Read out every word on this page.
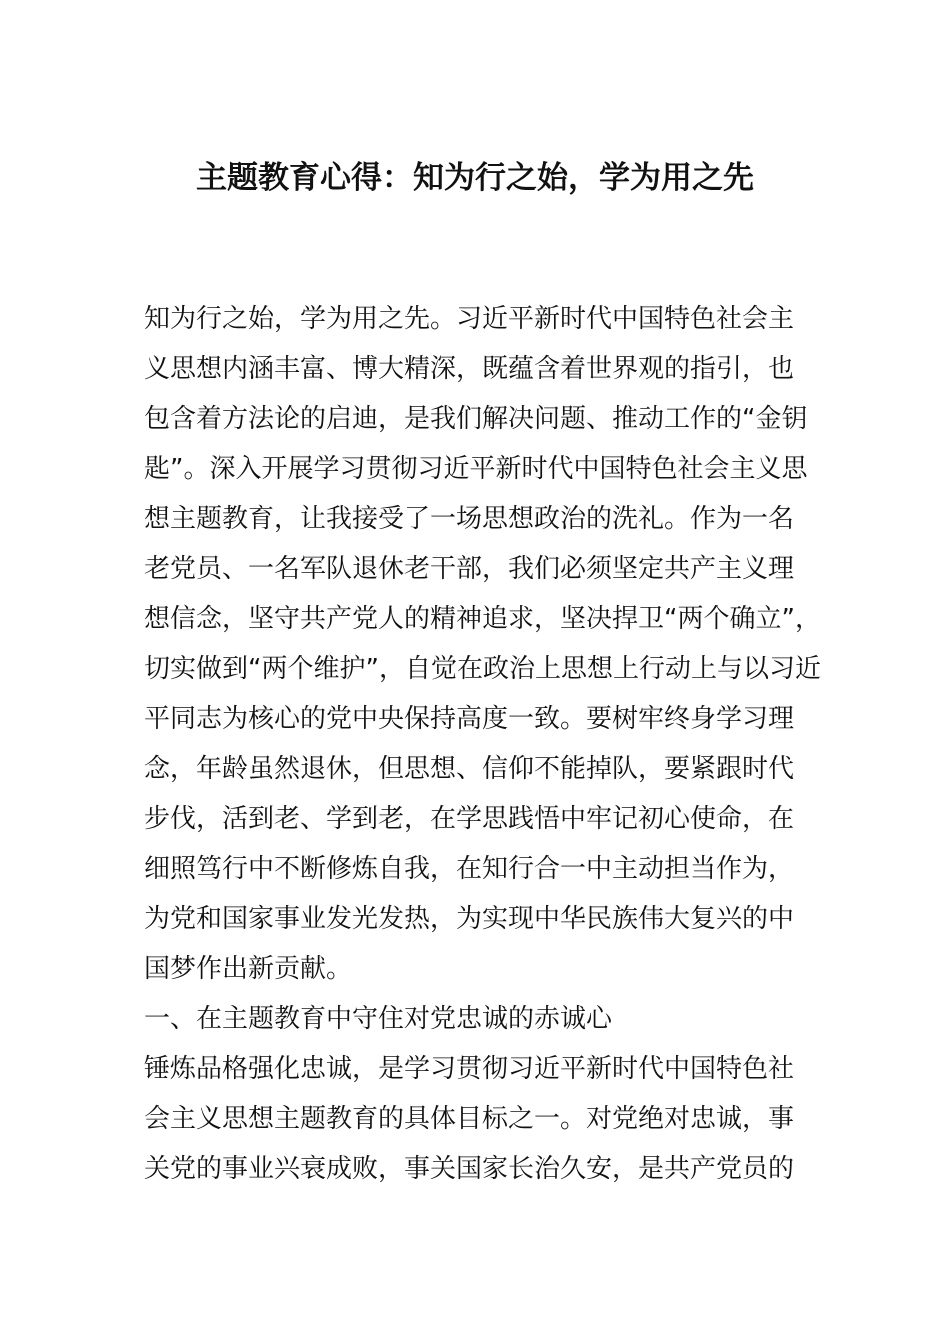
主题教育心得：知为行之始，学为用之先
知为行之始，学为用之先。习近平新时代中国特色社会主
义思想内涵丰富、博大精深，既蕴含着世界观的指引，也
包含着方法论的启迪，是我们解决问题、推动工作的“金钥
匙”。深入开展学习贯彻习近平新时代中国特色社会主义思
想主题教育，让我接受了一场思想政治的洗礼。作为一名
老党员、一名军队退休老干部，我们必须坚定共产主义理
想信念，坚守共产党人的精神追求，坚决捍卫“两个确立”，
切实做到“两个维护”，自觉在政治上思想上行动上与以习近
平同志为核心的党中央保持高度一致。要树牢终身学习理
念，年龄虽然退休，但思想、信仰不能掉队，要紧跟时代
步伐，活到老、学到老，在学思践悟中牢记初心使命，在
细照笃行中不断修炼自我，在知行合一中主动担当作为，
为党和国家事业发光发热，为实现中华民族伟大复兴的中
国梦作出新贡献。
一、在主题教育中守住对党忠诚的赤诚心
锤炼品格强化忠诚，是学习贯彻习近平新时代中国特色社
会主义思想主题教育的具体目标之一。对党绝对忠诚，事
关党的事业兴衰成败，事关国家长治久安，是共产党员的
